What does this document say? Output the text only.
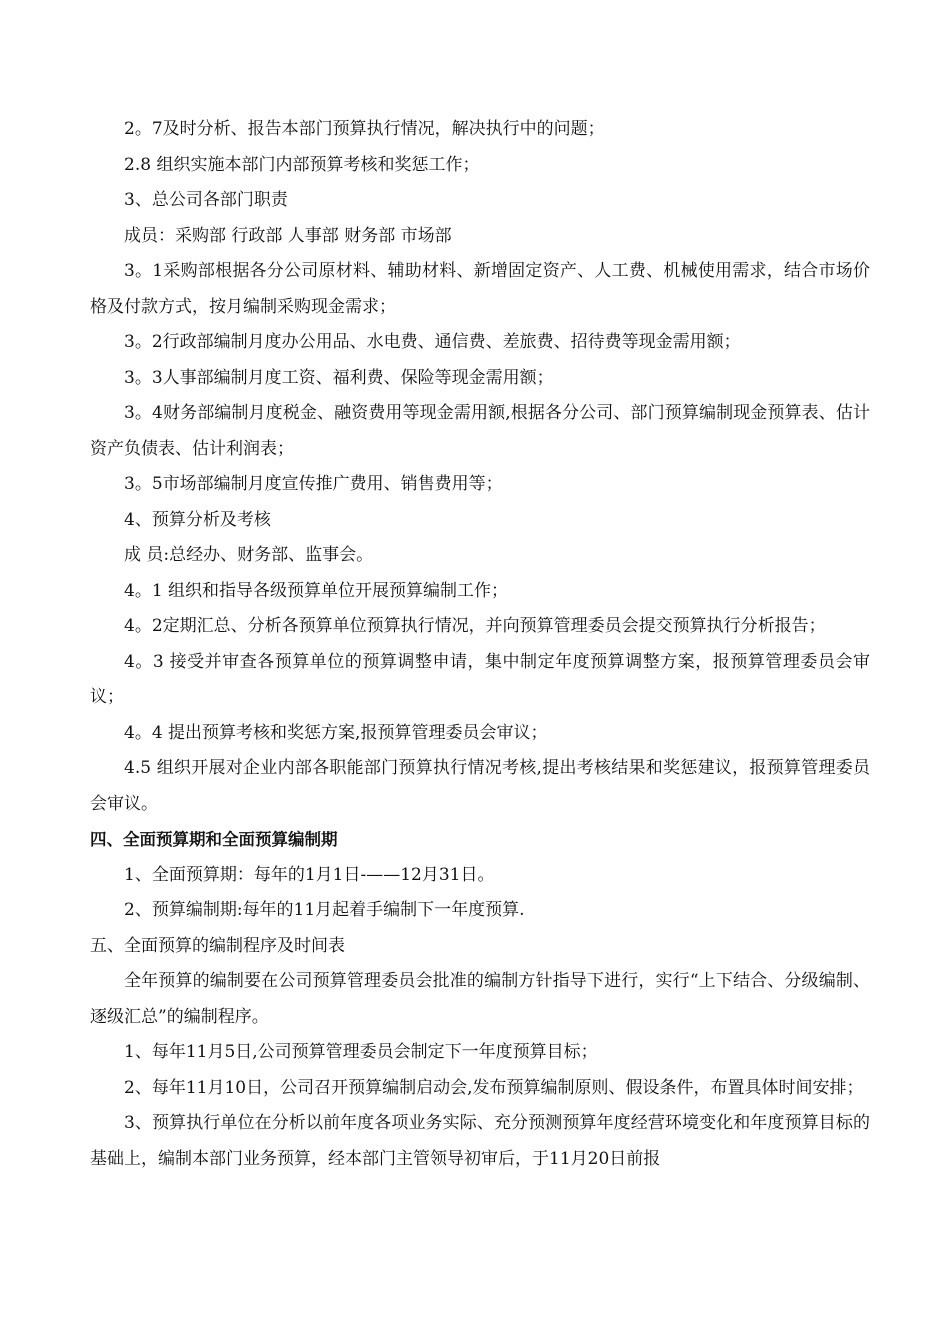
2。7及时分析、报告本部门预算执行情况，解决执行中的问题；

2.8 组织实施本部门内部预算考核和奖惩工作；

3、总公司各部门职责

成员：采购部 行政部 人事部 财务部 市场部

3。1采购部根据各分公司原材料、辅助材料、新增固定资产、人工费、机械使用需求，结合市场价格及付款方式，按月编制采购现金需求；

3。2行政部编制月度办公用品、水电费、通信费、差旅费、招待费等现金需用额；

3。3人事部编制月度工资、福利费、保险等现金需用额；

3。4财务部编制月度税金、融资费用等现金需用额,根据各分公司、部门预算编制现金预算表、估计资产负债表、估计利润表；

3。5市场部编制月度宣传推广费用、销售费用等；

4、预算分析及考核

成 员:总经办、财务部、监事会。

4。1 组织和指导各级预算单位开展预算编制工作；

4。2定期汇总、分析各预算单位预算执行情况，并向预算管理委员会提交预算执行分析报告；

4。3 接受并审查各预算单位的预算调整申请，集中制定年度预算调整方案，报预算管理委员会审议；

4。4 提出预算考核和奖惩方案,报预算管理委员会审议；

4.5 组织开展对企业内部各职能部门预算执行情况考核,提出考核结果和奖惩建议，报预算管理委员会审议。

四、全面预算期和全面预算编制期

1、全面预算期：每年的1月1日-——12月31日。

2、预算编制期:每年的11月起着手编制下一年度预算.

五、全面预算的编制程序及时间表

全年预算的编制要在公司预算管理委员会批准的编制方针指导下进行，实行“上下结合、分级编制、逐级汇总”的编制程序。

1、每年11月5日,公司预算管理委员会制定下一年度预算目标；

2、每年11月10日，公司召开预算编制启动会,发布预算编制原则、假设条件，布置具体时间安排；

3、预算执行单位在分析以前年度各项业务实际、充分预测预算年度经营环境变化和年度预算目标的基础上，编制本部门业务预算，经本部门主管领导初审后，于11月20日前报
